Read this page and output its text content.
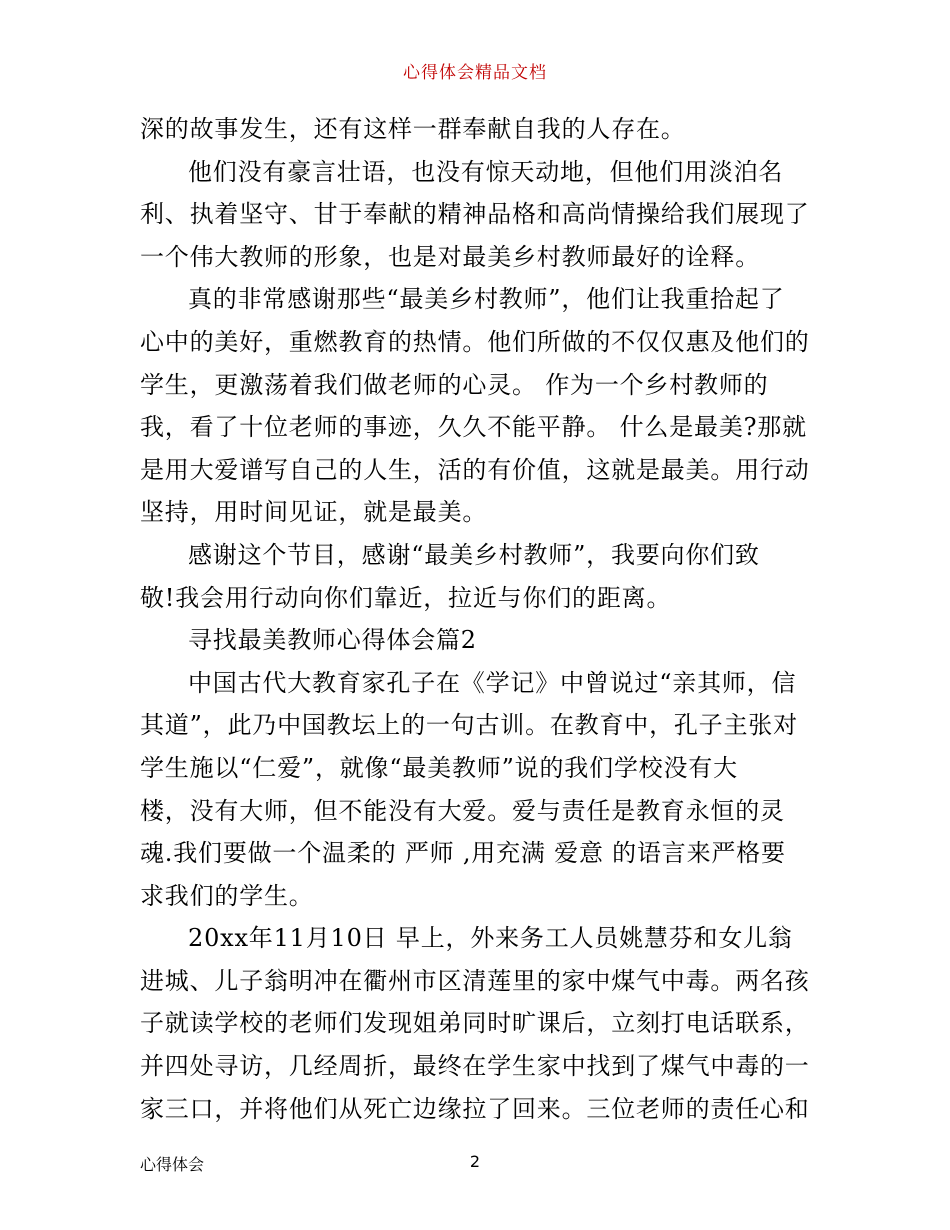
心得体会精品文档
深的故事发生，还有这样一群奉献自我的人存在。
他们没有豪言壮语，也没有惊天动地，但他们用淡泊名
利、执着坚守、甘于奉献的精神品格和高尚情操给我们展现了
一个伟大教师的形象，也是对最美乡村教师最好的诠释。
真的非常感谢那些“最美乡村教师”，他们让我重拾起了
心中的美好，重燃教育的热情。他们所做的不仅仅惠及他们的
学生，更激荡着我们做老师的心灵。 作为一个乡村教师的
我，看了十位老师的事迹，久久不能平静。 什么是最美?那就
是用大爱谱写自己的人生，活的有价值，这就是最美。用行动
坚持，用时间见证，就是最美。
感谢这个节目，感谢“最美乡村教师”，我要向你们致
敬!我会用行动向你们靠近，拉近与你们的距离。
寻找最美教师心得体会篇2
中国古代大教育家孔子在《学记》中曾说过“亲其师，信
其道”，此乃中国教坛上的一句古训。在教育中，孔子主张对
学生施以“仁爱”，就像“最美教师”说的我们学校没有大
楼，没有大师，但不能没有大爱。爱与责任是教育永恒的灵
魂.我们要做一个温柔的 严师 ,用充满 爱意 的语言来严格要
求我们的学生。
20xx年11月10日 早上，外来务工人员姚慧芬和女儿翁
进城、儿子翁明冲在衢州市区清莲里的家中煤气中毒。两名孩
子就读学校的老师们发现姐弟同时旷课后，立刻打电话联系，
并四处寻访，几经周折，最终在学生家中找到了煤气中毒的一
家三口，并将他们从死亡边缘拉了回来。三位老师的责任心和
心得体会	2
